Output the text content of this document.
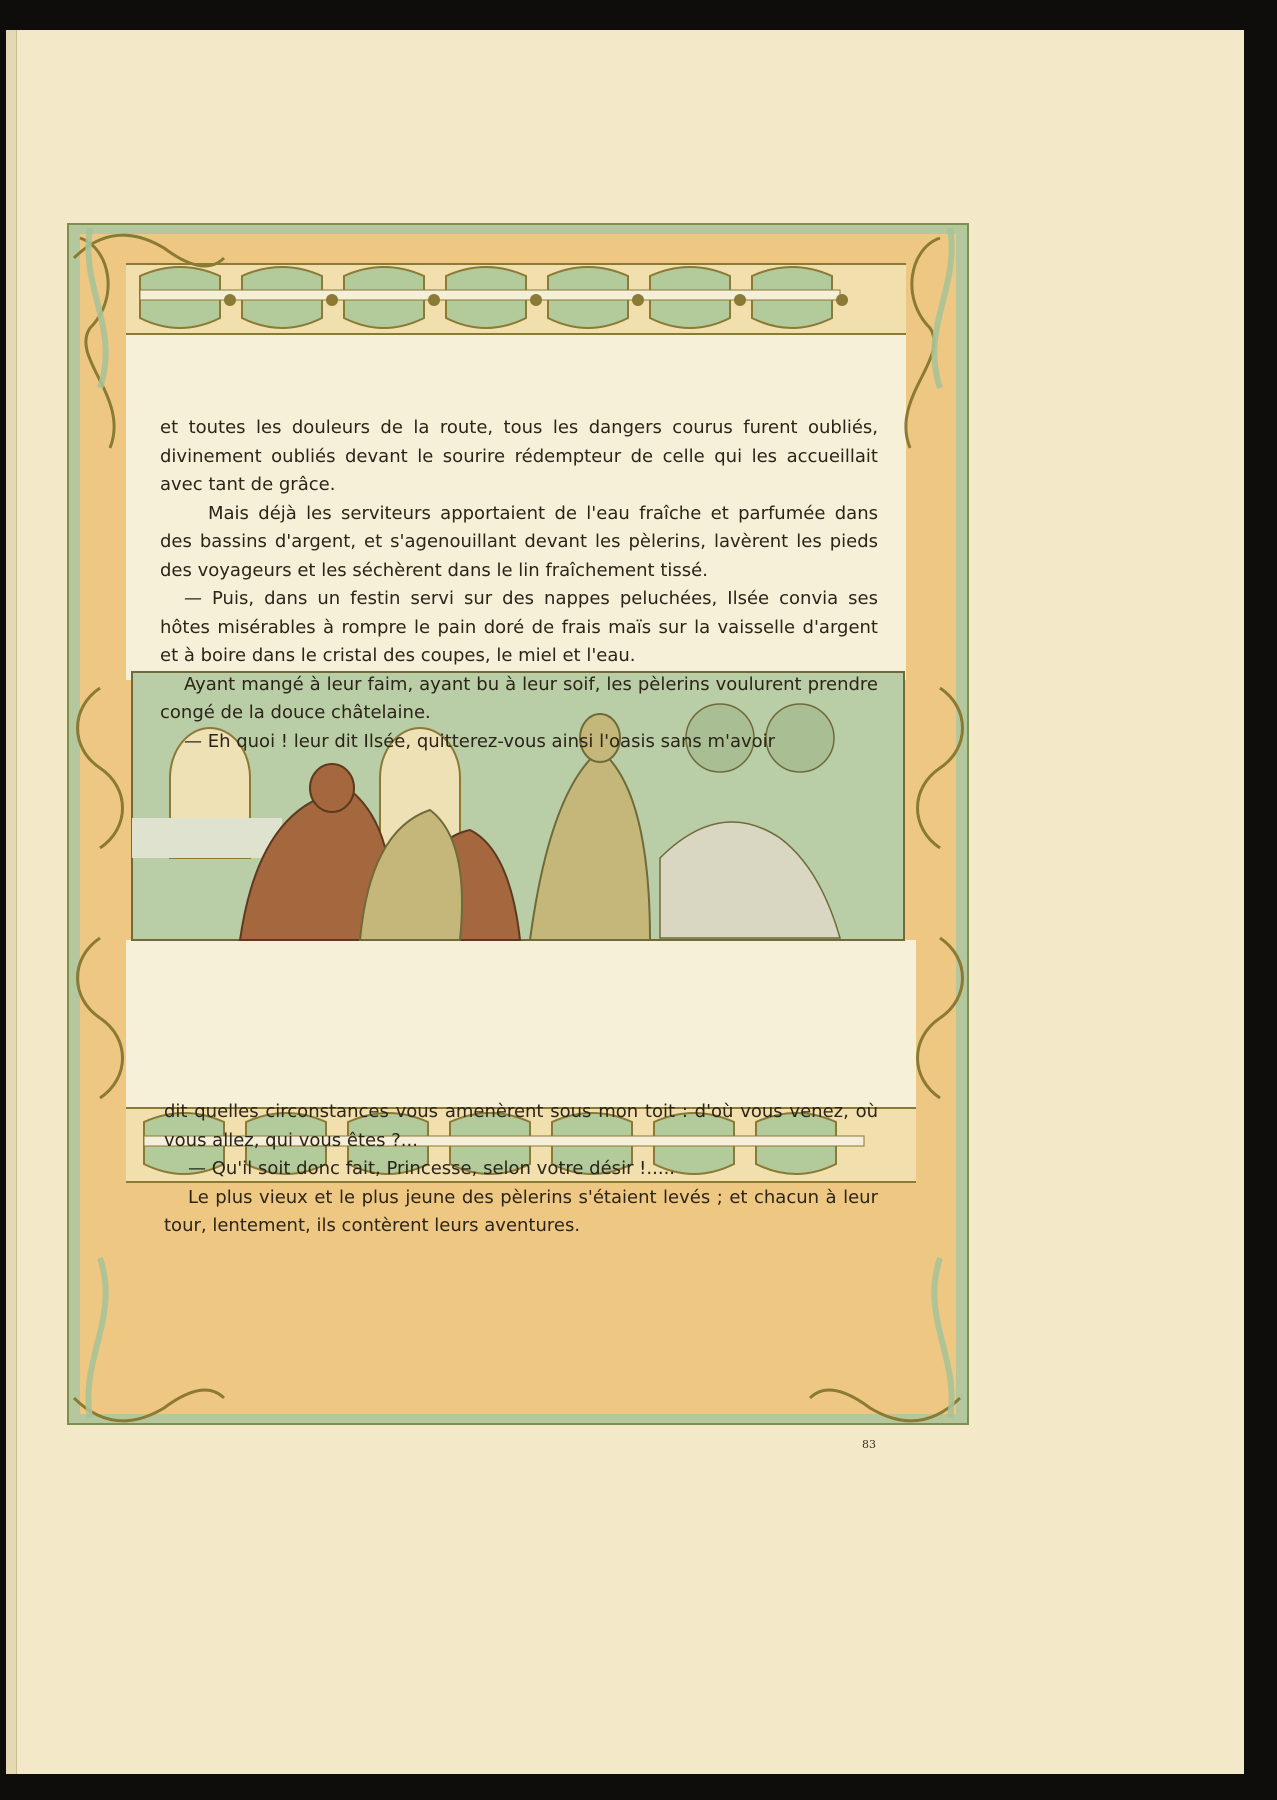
et toutes les douleurs de la route, tous les dangers courus furent oubliés, divinement oubliés devant le sourire rédempteur de celle qui les accueillait avec tant de grâce.

Mais déjà les serviteurs apportaient de l'eau fraîche et parfumée dans des bassins d'argent, et s'agenouillant devant les pèlerins, lavèrent les pieds des voyageurs et les séchèrent dans le lin fraîchement tissé.

— Puis, dans un festin servi sur des nappes peluchées, Ilsée convia ses hôtes misérables à rompre le pain doré de frais maïs sur la vaisselle d'argent et à boire dans le cristal des coupes, le miel et l'eau.

Ayant mangé à leur faim, ayant bu à leur soif, les pèlerins voulurent prendre congé de la douce châtelaine.

— Eh quoi ! leur dit Ilsée, quitterez-vous ainsi l'oasis sans m'avoir

dit quelles circonstances vous amenèrent sous mon toit : d'où vous venez, où vous allez, qui vous êtes ?...

— Qu'il soit donc fait, Princesse, selon votre désir !.....

Le plus vieux et le plus jeune des pèlerins s'étaient levés ; et chacun à leur tour, lentement, ils contèrent leurs aventures.

83
